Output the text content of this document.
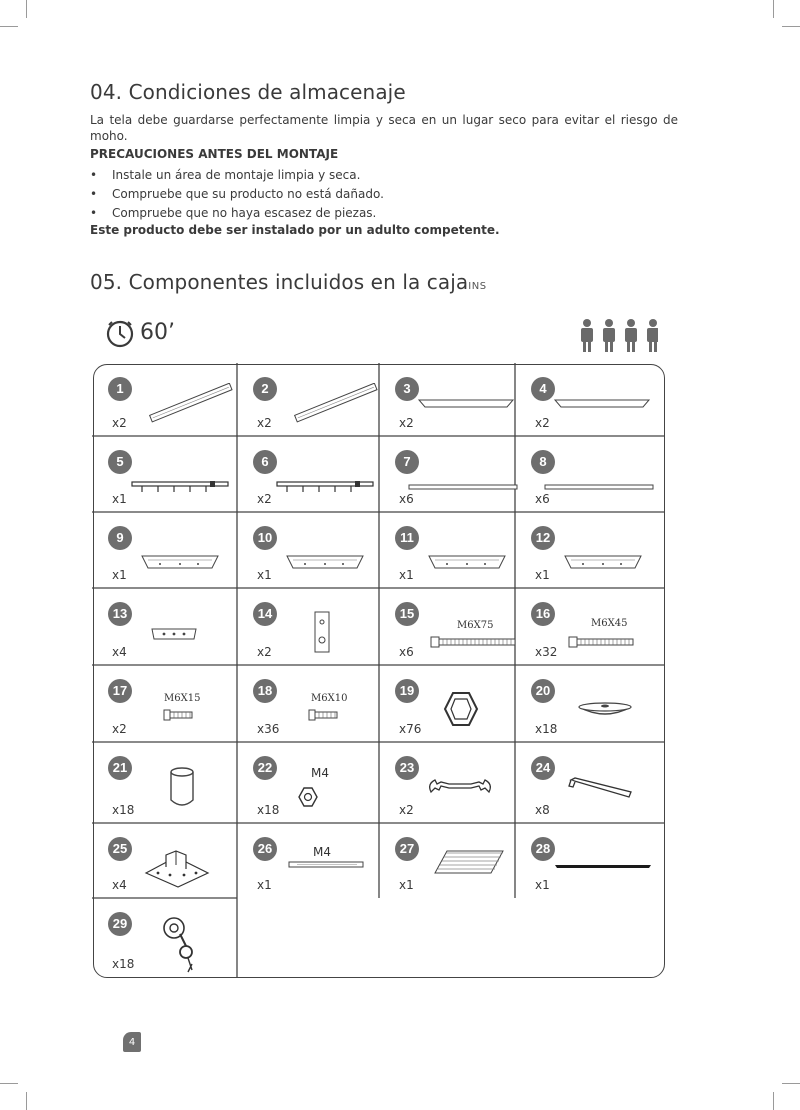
04. Condiciones de almacenaje

La tela debe guardarse perfectamente limpia y seca en un lugar seco para evitar el riesgo de moho.

PRECAUCIONES ANTES DEL MONTAJE

• Instale un área de montaje limpia y seca.
• Compruebe que su producto no está dañado.
• Compruebe que no haya escasez de piezas.

Este producto debe ser instalado por un adulto competente.

05. Componentes incluidos en la cajaINS
60’
1
x2
2
x2
3
x2
4
x2
5
x1
6
x2
7
x6
8
x6
9
x1
10
x1
11
x1
12
x1
13
x4
14
x2
15
x6
M6X75
16
x32
M6X45
17
x2
M6X15
18
x36
M6X10
19
x76
20
x18
21
x18
22
x18
M4	23
x2
24
x8
25
x4
26
x1
M4	27
x1
28
x1
29
x18
4
